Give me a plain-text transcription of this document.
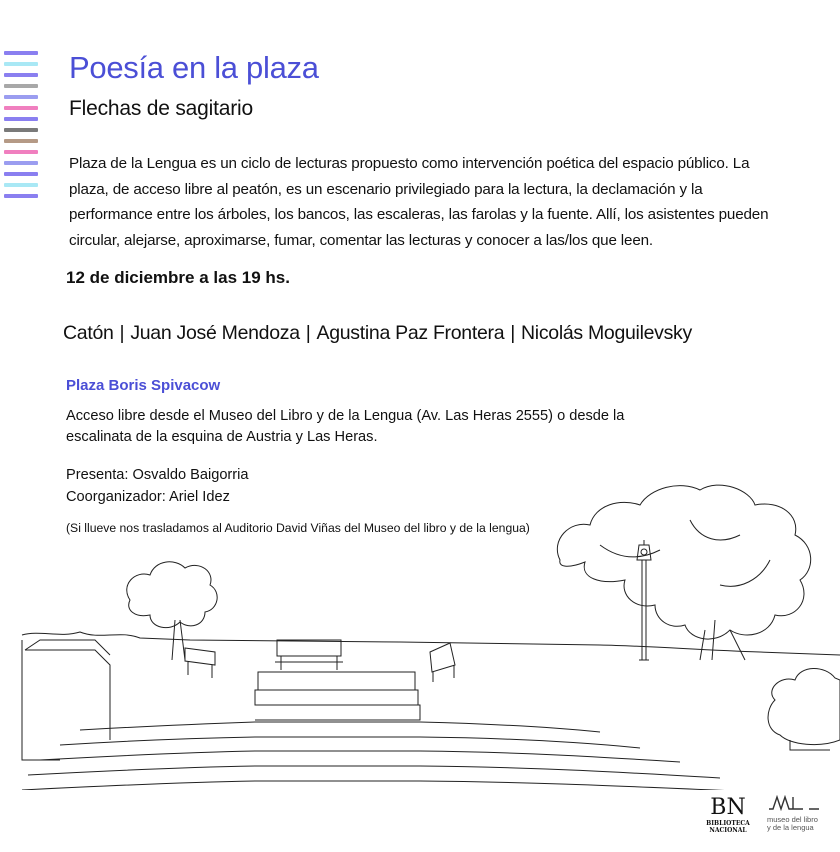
Poesía en la plaza
Flechas de sagitario
Plaza de la Lengua es un ciclo de lecturas propuesto como intervención poética del espacio público. La plaza, de acceso libre al peatón, es un escenario privilegiado para la lectura, la declamación y la performance entre los árboles, los bancos, las escaleras, las farolas y la fuente. Allí, los asistentes pueden circular, alejarse, aproximarse, fumar, comentar las lecturas y conocer a las/los que leen.
12 de diciembre a las 19 hs.
Catón | Juan José Mendoza | Agustina Paz Frontera | Nicolás Moguilevsky
Plaza Boris Spivacow
Acceso libre desde el Museo del Libro y de la Lengua (Av. Las Heras 2555) o desde la escalinata de la esquina de Austria y Las Heras.
Presenta: Osvaldo Baigorria
Coorganizador: Ariel Idez
(Si llueve nos trasladamos al Auditorio David Viñas del Museo del libro y de la lengua)
BN
BIBLIOTECA
NACIONAL
museo del libro
y de la lengua
